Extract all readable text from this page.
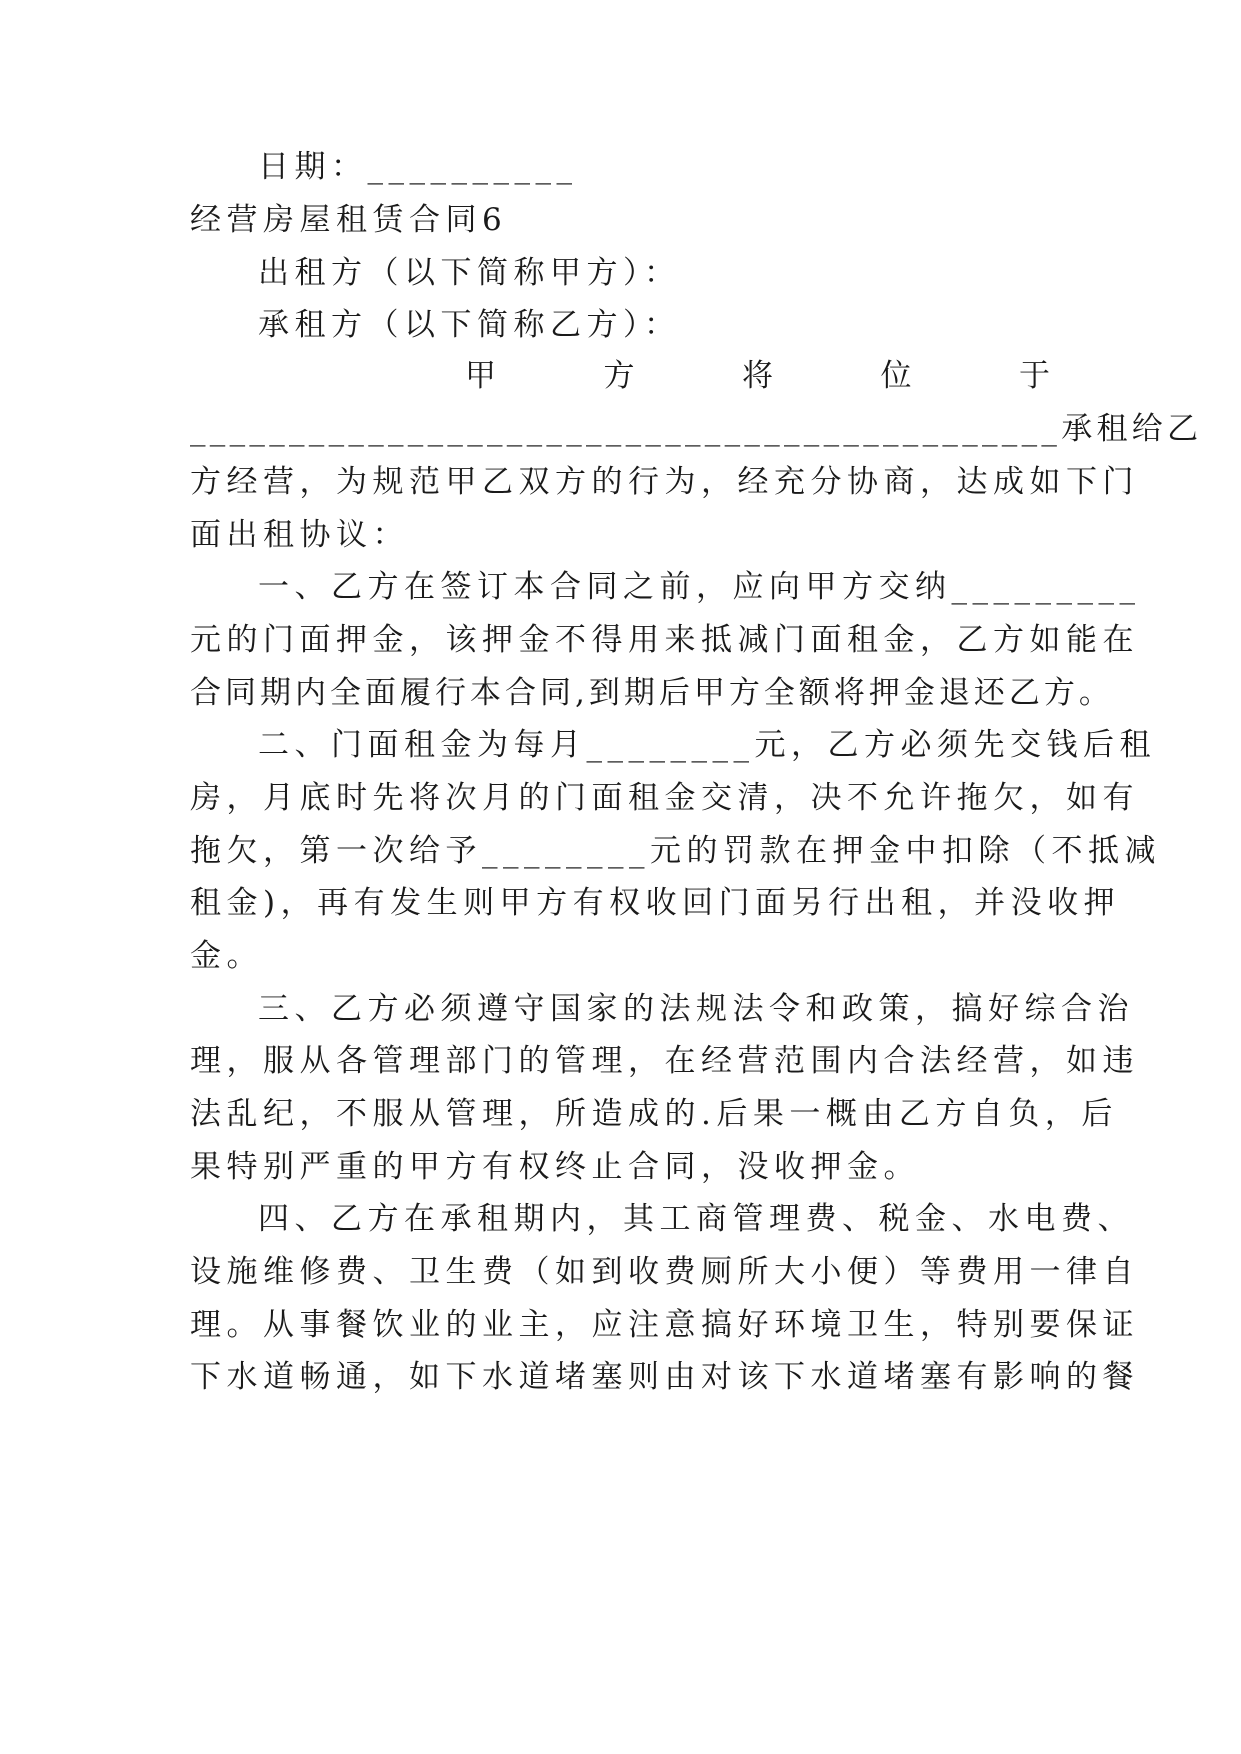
日期：__________
经营房屋租赁合同6
出租方（以下简称甲方）：
承租方（以下简称乙方）：
甲	方	将	位	于
____________________________________________承租给乙
方经营，为规范甲乙双方的行为，经充分协商，达成如下门
面出租协议：
一、乙方在签订本合同之前，应向甲方交纳_________
元的门面押金，该押金不得用来抵减门面租金，乙方如能在
合同期内全面履行本合同,到期后甲方全额将押金退还乙方。
二、门面租金为每月________元，乙方必须先交钱后租
房，月底时先将次月的门面租金交清，决不允许拖欠，如有
拖欠，第一次给予________元的罚款在押金中扣除（不抵减
租金)，再有发生则甲方有权收回门面另行出租，并没收押
金。
三、乙方必须遵守国家的法规法令和政策，搞好综合治
理，服从各管理部门的管理，在经营范围内合法经营，如违
法乱纪，不服从管理，所造成的.后果一概由乙方自负，后
果特别严重的甲方有权终止合同，没收押金。
四、乙方在承租期内，其工商管理费、税金、水电费、
设施维修费、卫生费（如到收费厕所大小便）等费用一律自
理。从事餐饮业的业主，应注意搞好环境卫生，特别要保证
下水道畅通，如下水道堵塞则由对该下水道堵塞有影响的餐
